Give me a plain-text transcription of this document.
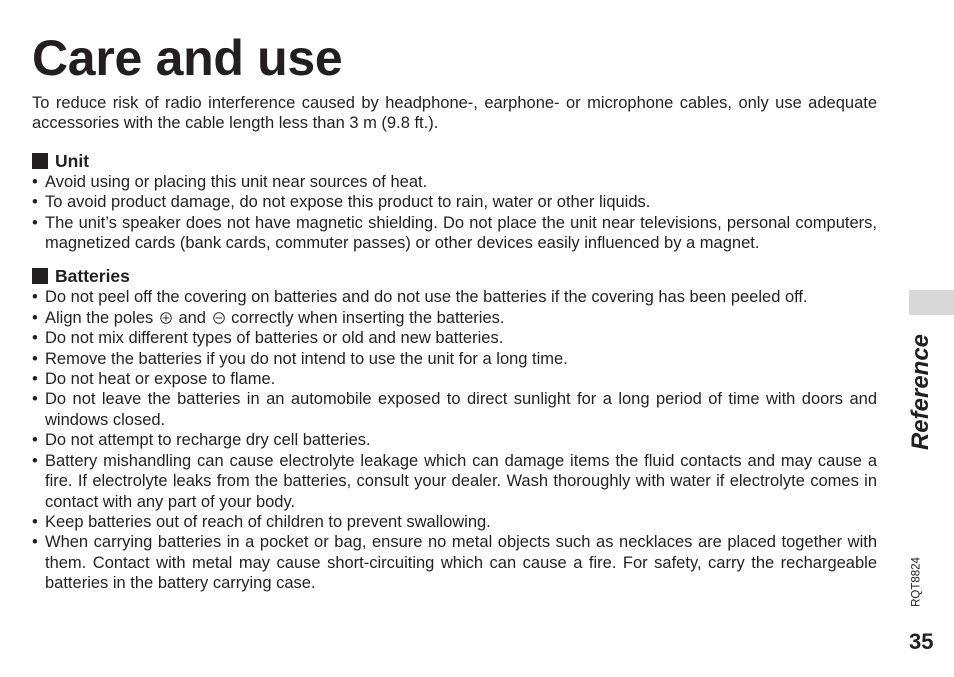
Care and use

To reduce risk of radio interference caused by headphone-, earphone- or microphone cables, only use adequate accessories with the cable length less than 3 m (9.8 ft.).

Unit
• Avoid using or placing this unit near sources of heat.
• To avoid product damage, do not expose this product to rain, water or other liquids.
• The unit’s speaker does not have magnetic shielding. Do not place the unit near televisions, personal computers, magnetized cards (bank cards, commuter passes) or other devices easily influenced by a magnet.
Batteries
• Do not peel off the covering on batteries and do not use the batteries if the covering has been peeled off.
• Align the poles and correctly when inserting the batteries.
• Do not mix different types of batteries or old and new batteries.
• Remove the batteries if you do not intend to use the unit for a long time.
• Do not heat or expose to flame.
• Do not leave the batteries in an automobile exposed to direct sunlight for a long period of time with doors and windows closed.
• Do not attempt to recharge dry cell batteries.
• Battery mishandling can cause electrolyte leakage which can damage items the fluid contacts and may cause a fire. If electrolyte leaks from the batteries, consult your dealer. Wash thoroughly with water if electrolyte comes in contact with any part of your body.
• Keep batteries out of reach of children to prevent swallowing.
• When carrying batteries in a pocket or bag, ensure no metal objects such as necklaces are placed together with them. Contact with metal may cause short-circuiting which can cause a fire. For safety, carry the rechargeable batteries in the battery carrying case.
Reference
RQT8824
35
